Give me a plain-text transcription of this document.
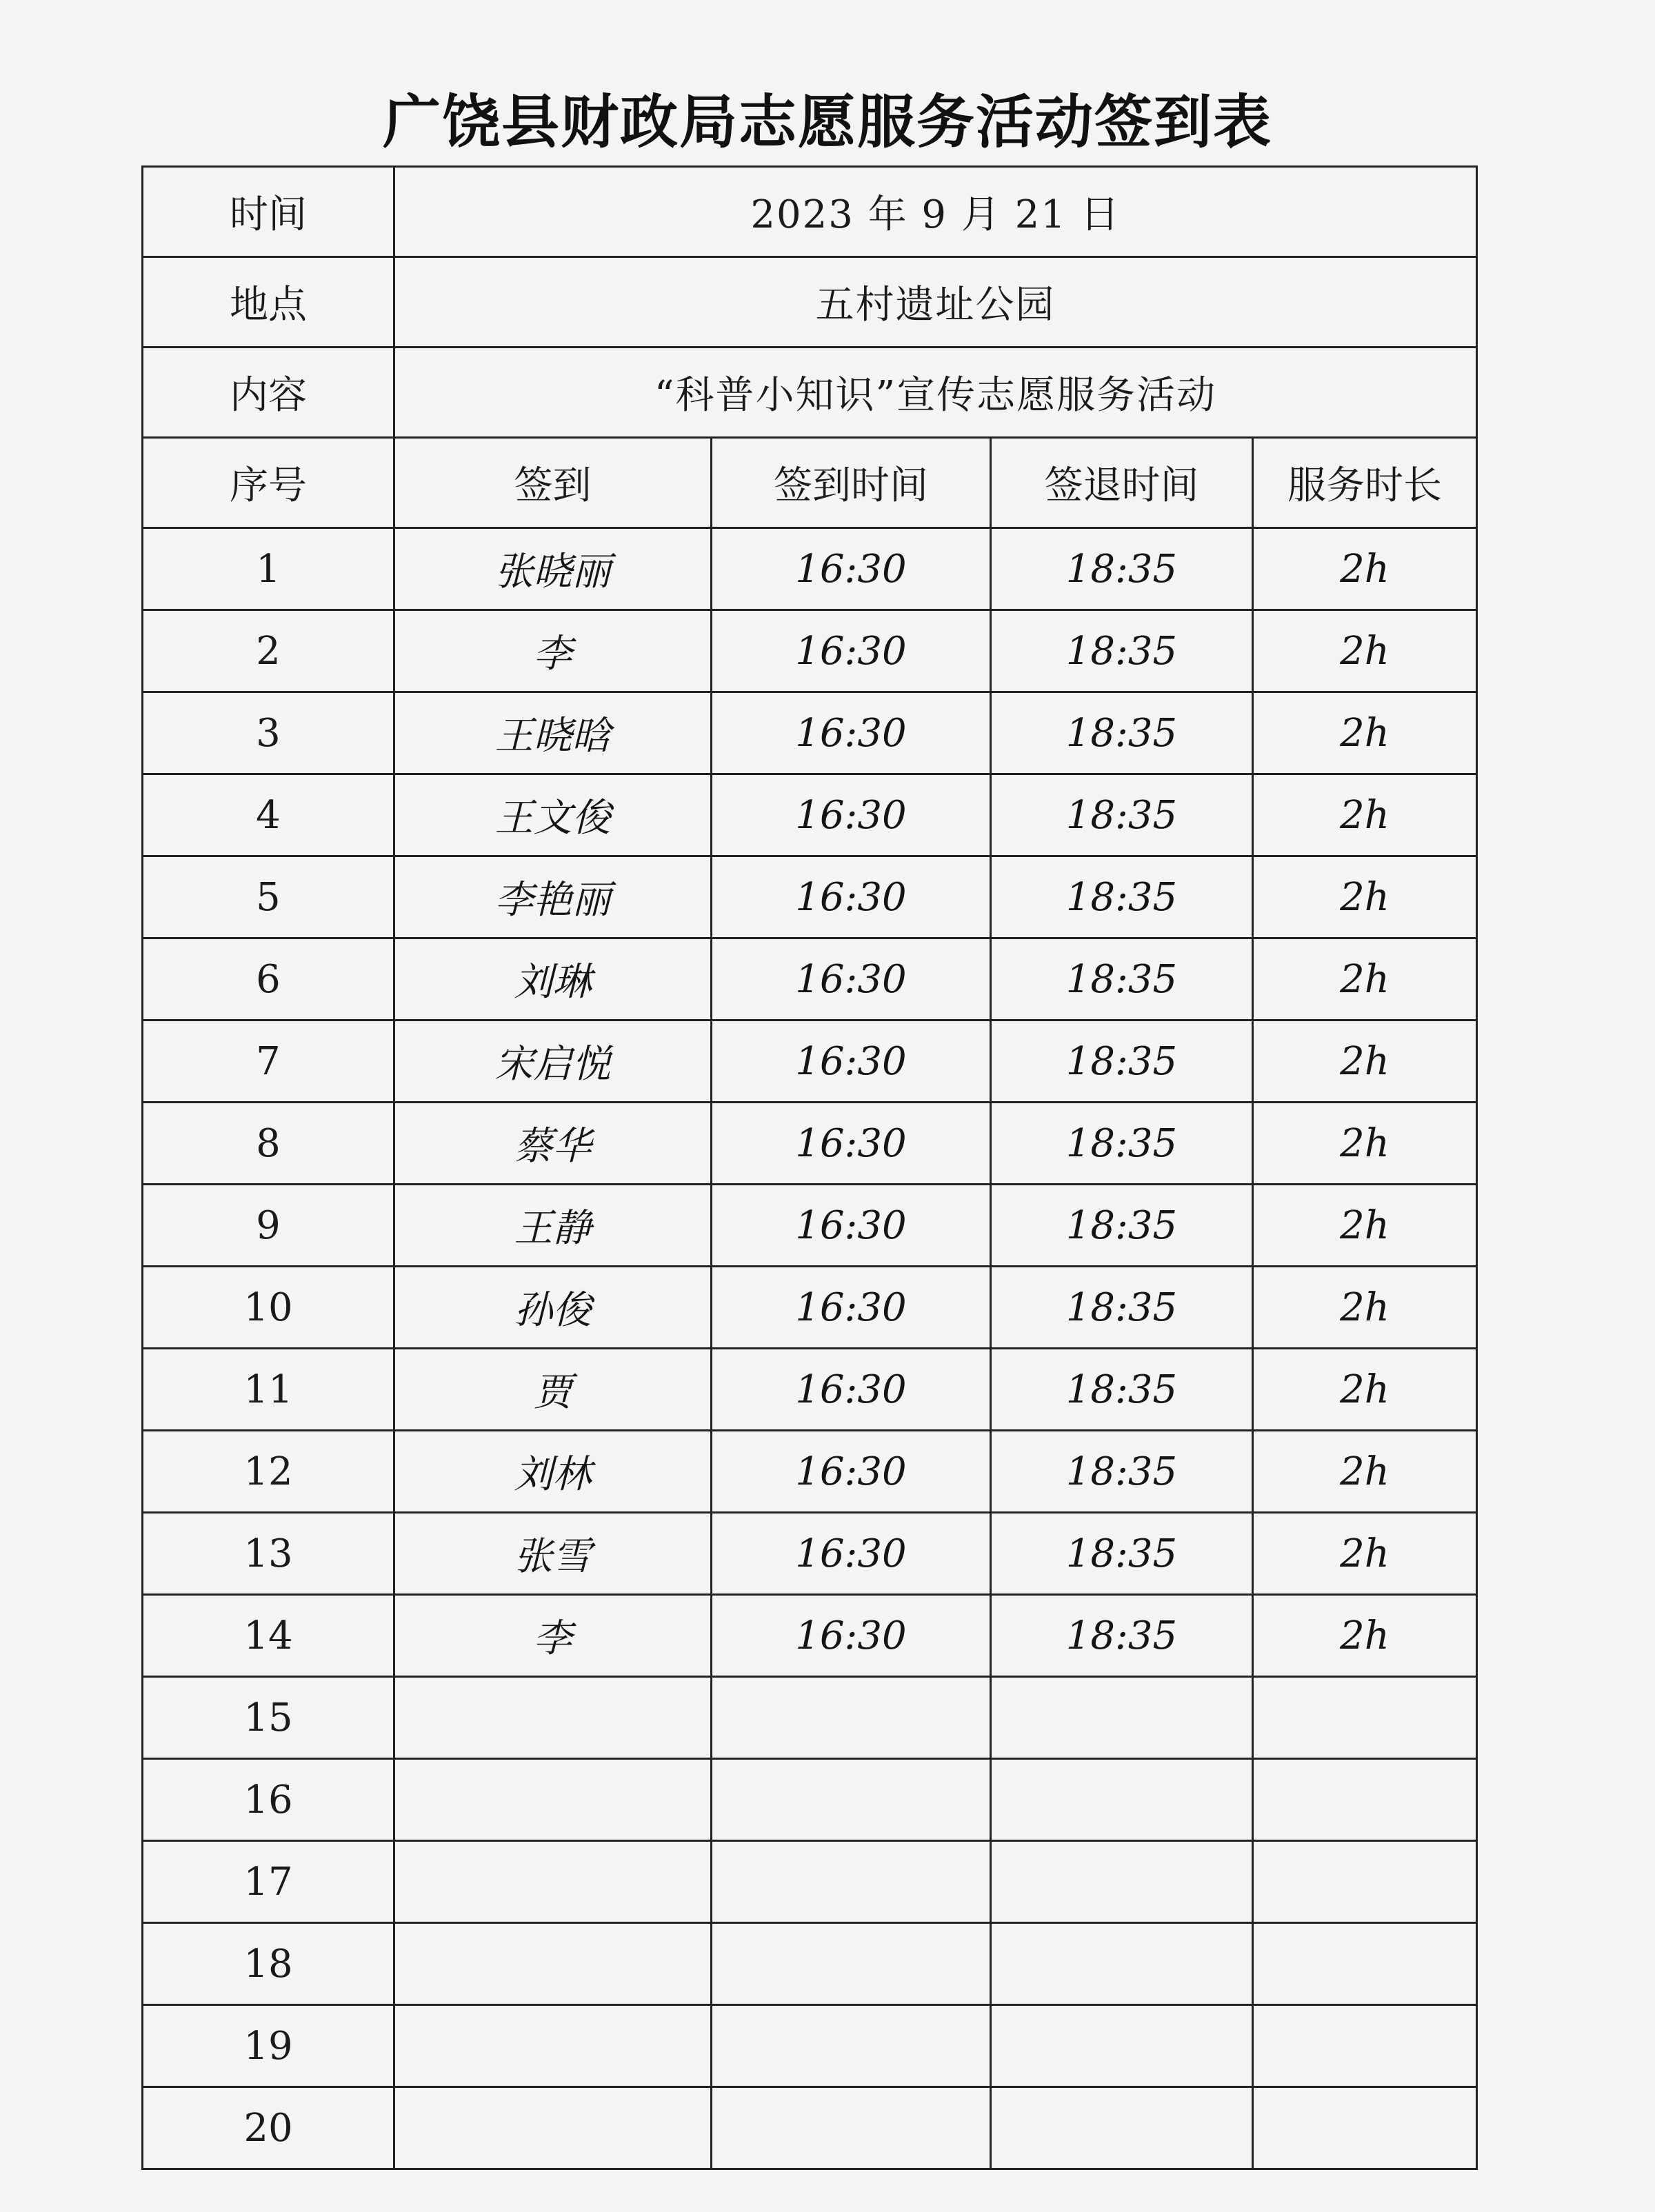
广饶县财政局志愿服务活动签到表
时间	2023 年 9 月 21 日			
地点	五村遗址公园			
内容	“科普小知识”宣传志愿服务活动			
序号	签到	签到时间	签退时间	服务时长
1	张晓丽	16:30	18:35	2h
2	李	16:30	18:35	2h
3	王晓晗	16:30	18:35	2h
4	王文俊	16:30	18:35	2h
5	李艳丽	16:30	18:35	2h
6	刘琳	16:30	18:35	2h
7	宋启悦	16:30	18:35	2h
8	蔡华	16:30	18:35	2h
9	王静	16:30	18:35	2h
10	孙俊	16:30	18:35	2h
11	贾	16:30	18:35	2h
12	刘林	16:30	18:35	2h
13	张雪	16:30	18:35	2h
14	李	16:30	18:35	2h
15				
16				
17				
18				
19				
20				
